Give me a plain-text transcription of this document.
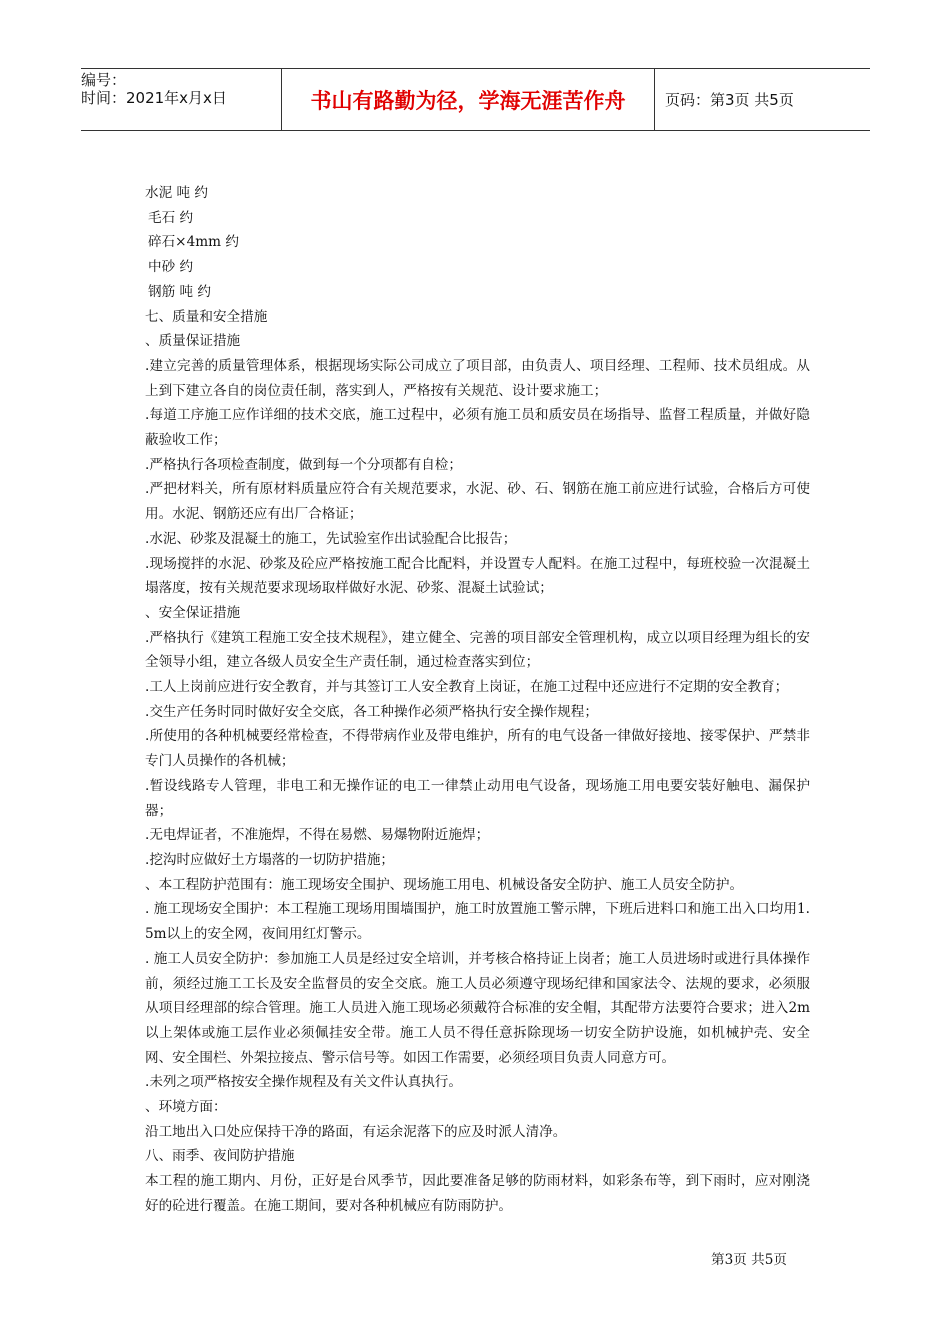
编号：
时间：2021年x月x日	书山有路勤为径，学海无涯苦作舟	页码：第3页 共5页

水泥 吨 约

毛石 约

碎石×4mm 约

中砂 约

钢筋 吨 约

七、质量和安全措施

、质量保证措施

.建立完善的质量管理体系，根据现场实际公司成立了项目部，由负责人、项目经理、工程师、技术员组成。从上到下建立各自的岗位责任制，落实到人，严格按有关规范、设计要求施工；

.每道工序施工应作详细的技术交底，施工过程中，必须有施工员和质安员在场指导、监督工程质量，并做好隐蔽验收工作；

.严格执行各项检查制度，做到每一个分项都有自检；

.严把材料关，所有原材料质量应符合有关规范要求，水泥、砂、石、钢筋在施工前应进行试验，合格后方可使用。水泥、钢筋还应有出厂合格证；

.水泥、砂浆及混凝土的施工，先试验室作出试验配合比报告；

.现场搅拌的水泥、砂浆及砼应严格按施工配合比配料，并设置专人配料。在施工过程中，每班校验一次混凝土塌落度，按有关规范要求现场取样做好水泥、砂浆、混凝土试验试；

、安全保证措施

.严格执行《建筑工程施工安全技术规程》，建立健全、完善的项目部安全管理机构，成立以项目经理为组长的安全领导小组，建立各级人员安全生产责任制，通过检查落实到位；

.工人上岗前应进行安全教育，并与其签订工人安全教育上岗证，在施工过程中还应进行不定期的安全教育；

.交生产任务时同时做好安全交底，各工种操作必须严格执行安全操作规程；

.所使用的各种机械要经常检查，不得带病作业及带电维护，所有的电气设备一律做好接地、接零保护、严禁非专门人员操作的各机械；

.暂设线路专人管理，非电工和无操作证的电工一律禁止动用电气设备，现场施工用电要安装好触电、漏保护器；

.无电焊证者，不准施焊，不得在易燃、易爆物附近施焊；

.挖沟时应做好土方塌落的一切防护措施；

、本工程防护范围有：施工现场安全围护、现场施工用电、机械设备安全防护、施工人员安全防护。

. 施工现场安全围护：本工程施工现场用围墙围护，施工时放置施工警示牌，下班后进料口和施工出入口均用1.5m以上的安全网，夜间用红灯警示。

. 施工人员安全防护：参加施工人员是经过安全培训，并考核合格持证上岗者；施工人员进场时或进行具体操作前，须经过施工工长及安全监督员的安全交底。施工人员必须遵守现场纪律和国家法令、法规的要求，必须服从项目经理部的综合管理。施工人员进入施工现场必须戴符合标准的安全帽，其配带方法要符合要求；进入2m以上架体或施工层作业必须佩挂安全带。施工人员不得任意拆除现场一切安全防护设施，如机械护壳、安全网、安全围栏、外架拉接点、警示信号等。如因工作需要，必须经项目负责人同意方可。

.未列之项严格按安全操作规程及有关文件认真执行。

、环境方面：

沿工地出入口处应保持干净的路面，有运余泥落下的应及时派人清净。

八、雨季、夜间防护措施

本工程的施工期内、月份，正好是台风季节，因此要准备足够的防雨材料，如彩条布等，到下雨时，应对刚浇好的砼进行覆盖。在施工期间，要对各种机械应有防雨防护。

第3页 共5页
